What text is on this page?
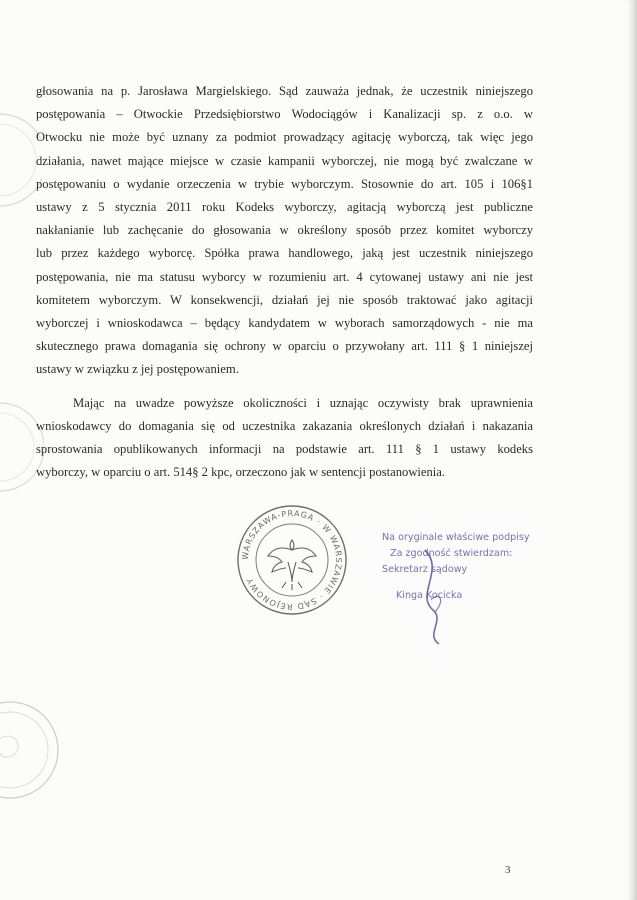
głosowania na p. Jarosława Margielskiego. Sąd zauważa jednak, że uczestnik niniejszego
postępowania – Otwockie Przedsiębiorstwo Wodociągów i Kanalizacji sp. z o.o. w
Otwocku nie może być uznany za podmiot prowadzący agitację wyborczą, tak więc jego
działania, nawet mające miejsce w czasie kampanii wyborczej, nie mogą być zwalczane w
postępowaniu o wydanie orzeczenia w trybie wyborczym. Stosownie do art. 105 i 106§1
ustawy z 5 stycznia 2011 roku Kodeks wyborczy, agitacją wyborczą jest publiczne
nakłanianie lub zachęcanie do głosowania w określony sposób przez komitet wyborczy
lub przez każdego wyborcę. Spółka prawa handlowego, jaką jest uczestnik niniejszego
postępowania, nie ma statusu wyborcy w rozumieniu art. 4 cytowanej ustawy ani nie jest
komitetem wyborczym. W konsekwencji, działań jej nie sposób traktować jako agitacji
wyborczej i wnioskodawca – będący kandydatem w wyborach samorządowych - nie ma
skutecznego prawa domagania się ochrony w oparciu o przywołany art. 111 § 1 niniejszej
ustawy w związku z jej postępowaniem.
Mając na uwadze powyższe okoliczności i uznając oczywisty brak uprawnienia
wnioskodawcy do domagania się od uczestnika zakazania określonych działań i nakazania
sprostowania opublikowanych informacji na podstawie art. 111 § 1 ustawy kodeks
wyborczy, w oparciu o art. 514§ 2 kpc, orzeczono jak w sentencji postanowienia.
WARSZAWA-PRAGA · W WARSZAWIE · SĄD REJONOWY
Na oryginale właściwe podpisy
Za zgodność stwierdzam:
Sekretarz sądowy
Kinga Kocicka
3
